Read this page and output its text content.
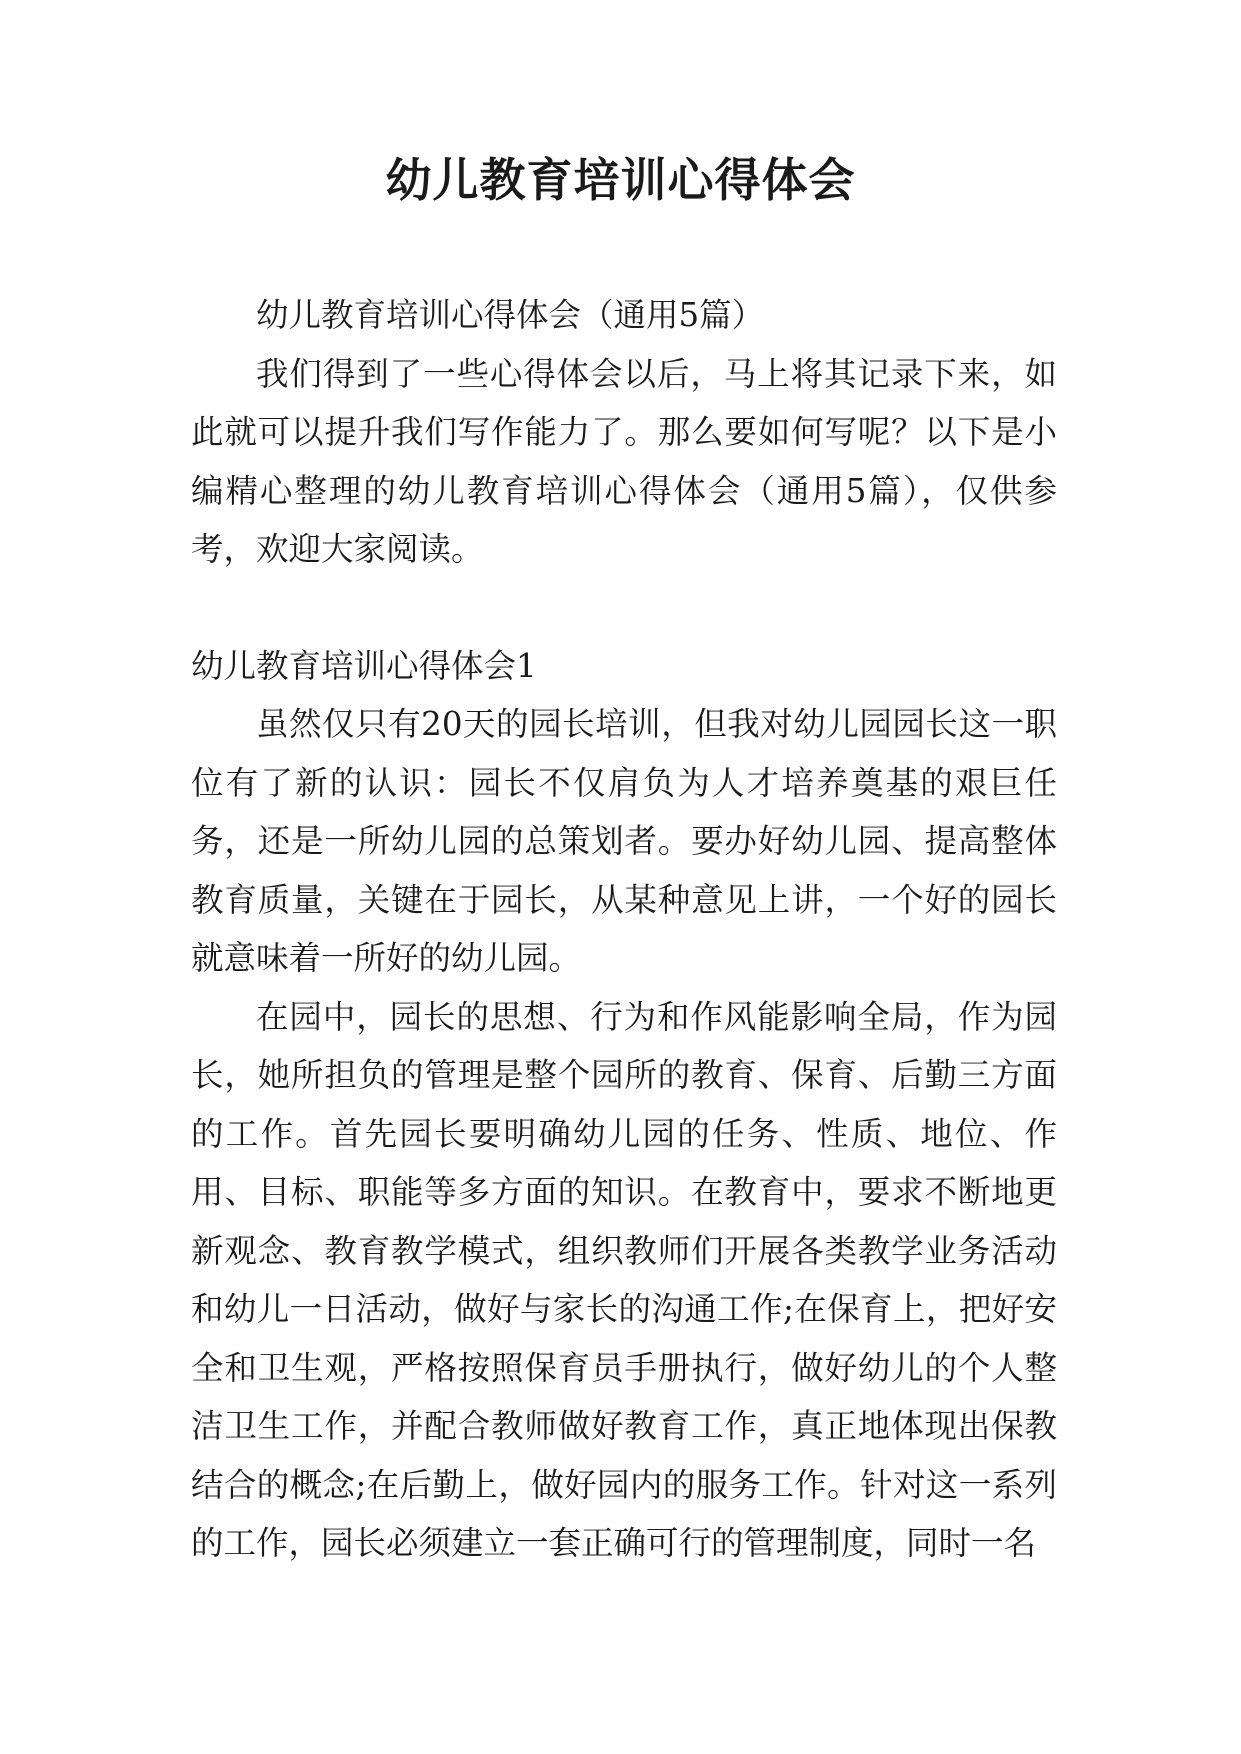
幼儿教育培训心得体会

幼儿教育培训心得体会（通用5篇）

我们得到了一些心得体会以后，马上将其记录下来，如此就可以提升我们写作能力了。那么要如何写呢？以下是小编精心整理的幼儿教育培训心得体会（通用5篇），仅供参考，欢迎大家阅读。

幼儿教育培训心得体会1

虽然仅只有20天的园长培训，但我对幼儿园园长这一职位有了新的认识：园长不仅肩负为人才培养奠基的艰巨任务，还是一所幼儿园的总策划者。要办好幼儿园、提高整体教育质量，关键在于园长，从某种意见上讲，一个好的园长就意味着一所好的幼儿园。

在园中，园长的思想、行为和作风能影响全局，作为园长，她所担负的管理是整个园所的教育、保育、后勤三方面的工作。首先园长要明确幼儿园的任务、性质、地位、作用、目标、职能等多方面的知识。在教育中，要求不断地更新观念、教育教学模式，组织教师们开展各类教学业务活动和幼儿一日活动，做好与家长的沟通工作;在保育上，把好安全和卫生观，严格按照保育员手册执行，做好幼儿的个人整洁卫生工作，并配合教师做好教育工作，真正地体现出保教结合的概念;在后勤上，做好园内的服务工作。针对这一系列的工作，园长必须建立一套正确可行的管理制度，同时一名
